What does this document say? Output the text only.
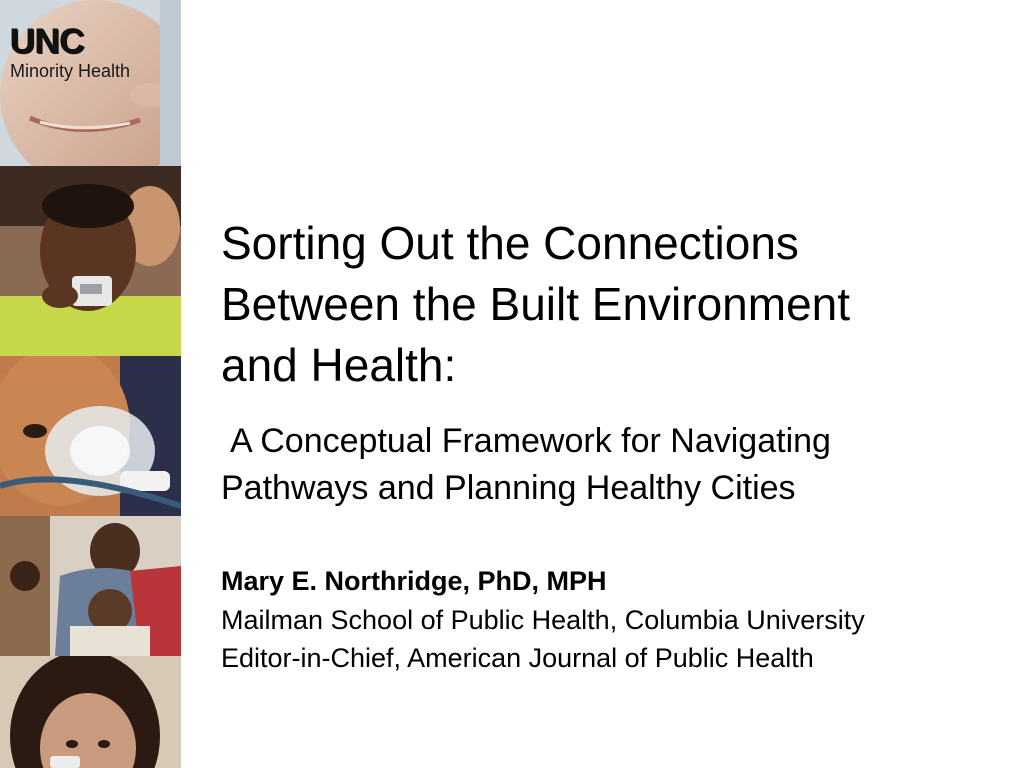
UNC
Minority Health
Sorting Out the Connections
Between the Built Environment
and Health:
A Conceptual Framework for Navigating
Pathways and Planning Healthy Cities

Mary E. Northridge, PhD, MPH

Mailman School of Public Health, Columbia University

Editor-in-Chief, American Journal of Public Health
